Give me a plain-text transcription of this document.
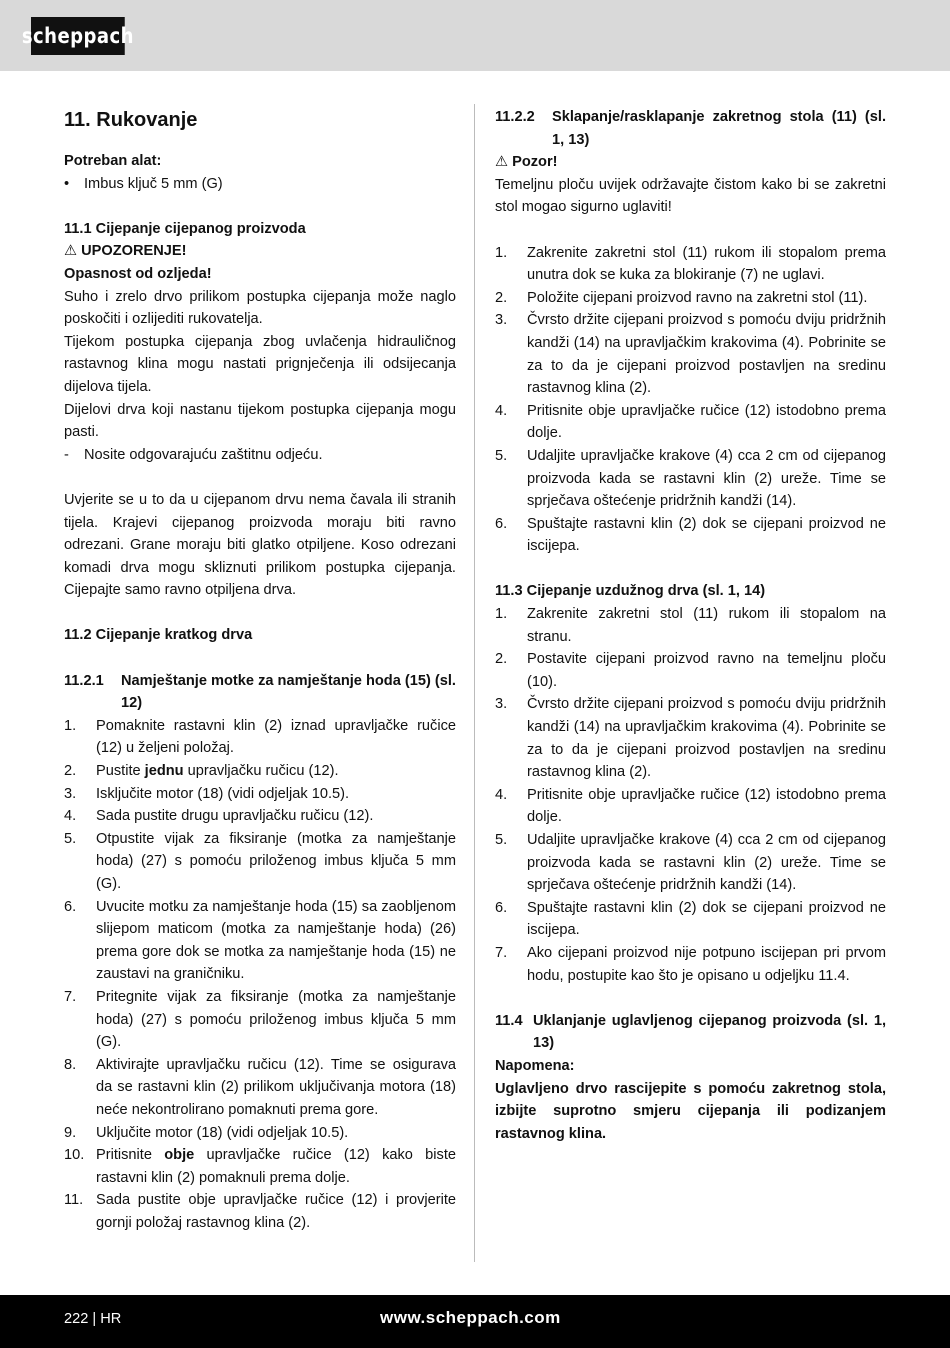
scheppach
11. Rukovanje

Potreban alat:

•	Imbus ključ 5 mm (G)

11.1 Cijepanje cijepanog proizvoda

⚠ UPOZORENJE!

Opasnost od ozljeda!

Suho i zrelo drvo prilikom postupka cijepanja može naglo poskočiti i ozlijediti rukovatelja.

Tijekom postupka cijepanja zbog uvlačenja hidrauličnog rastavnog klina mogu nastati prignječenja ili odsijecanja dijelova tijela.

Dijelovi drva koji nastanu tijekom postupka cijepanja mogu pasti.

-	Nosite odgovarajuću zaštitnu odjeću.

Uvjerite se u to da u cijepanom drvu nema čavala ili stranih tijela. Krajevi cijepanog proizvoda moraju biti ravno odrezani. Grane moraju biti glatko otpiljene. Koso odrezani komadi drva mogu skliznuti prilikom postupka cijepanja. Cijepajte samo ravno otpiljena drva.

11.2 Cijepanje kratkog drva

11.2.1	Namještanje motke za namještanje hoda (15) (sl. 12)
1.	Pomaknite rastavni klin (2) iznad upravljačke ručice (12) u željeni položaj.
2.	Pustite jednu upravljačku ručicu (12).
3.	Isključite motor (18) (vidi odjeljak 10.5).
4.	Sada pustite drugu upravljačku ručicu (12).
5.	Otpustite vijak za fiksiranje (motka za namještanje hoda) (27) s pomoću priloženog imbus ključa 5 mm (G).
6.	Uvucite motku za namještanje hoda (15) sa zaobljenom slijepom maticom (motka za namještanje hoda) (26) prema gore dok se motka za namještanje hoda (15) ne zaustavi na graničniku.
7.	Pritegnite vijak za fiksiranje (motka za namještanje hoda) (27) s pomoću priloženog imbus ključa 5 mm (G).
8.	Aktivirajte upravljačku ručicu (12). Time se osigurava da se rastavni klin (2) prilikom uključivanja motora (18) neće nekontrolirano pomaknuti prema gore.
9.	Uključite motor (18) (vidi odjeljak 10.5).
10. Pritisnite obje upravljačke ručice (12) kako biste rastavni klin (2) pomaknuli prema dolje.
11. Sada pustite obje upravljačke ručice (12) i provjerite gornji položaj rastavnog klina (2).
11.2.2	Sklapanje/rasklapanje zakretnog stola (11) (sl. 1, 13)

⚠ Pozor!

Temeljnu ploču uvijek održavajte čistom kako bi se zakretni stol mogao sigurno uglaviti!

1.	Zakrenite zakretni stol (11) rukom ili stopalom prema unutra dok se kuka za blokiranje (7) ne uglavi.
2.	Položite cijepani proizvod ravno na zakretni stol (11).
3.	Čvrsto držite cijepani proizvod s pomoću dviju pridržnih kandži (14) na upravljačkim krakovima (4). Pobrinite se za to da je cijepani proizvod postavljen na sredinu rastavnog klina (2).
4.	Pritisnite obje upravljačke ručice (12) istodobno prema dolje.
5.	Udaljite upravljačke krakove (4) cca 2 cm od cijepanog proizvoda kada se rastavni klin (2) ureže. Time se sprječava oštećenje pridržnih kandži (14).
6.	Spuštajte rastavni klin (2) dok se cijepani proizvod ne iscijepa.

11.3 Cijepanje uzdužnog drva (sl. 1, 14)

1.	Zakrenite zakretni stol (11) rukom ili stopalom na stranu.
2.	Postavite cijepani proizvod ravno na temeljnu ploču (10).
3.	Čvrsto držite cijepani proizvod s pomoću dviju pridržnih kandži (14) na upravljačkim krakovima (4). Pobrinite se za to da je cijepani proizvod postavljen na sredinu rastavnog klina (2).
4.	Pritisnite obje upravljačke ručice (12) istodobno prema dolje.
5.	Udaljite upravljačke krakove (4) cca 2 cm od cijepanog proizvoda kada se rastavni klin (2) ureže. Time se sprječava oštećenje pridržnih kandži (14).
6.	Spuštajte rastavni klin (2) dok se cijepani proizvod ne iscijepa.
7.	Ako cijepani proizvod nije potpuno iscijepan pri prvom hodu, postupite kao što je opisano u odjeljku 11.4.
11.4 Uklanjanje uglavljenog cijepanog proizvoda (sl. 1, 13)

Napomena:

Uglavljeno drvo rascijepite s pomoću zakretnog stola, izbijte suprotno smjeru cijepanja ili podizanjem rastavnog klina.

222 | HR	www.scheppach.com
